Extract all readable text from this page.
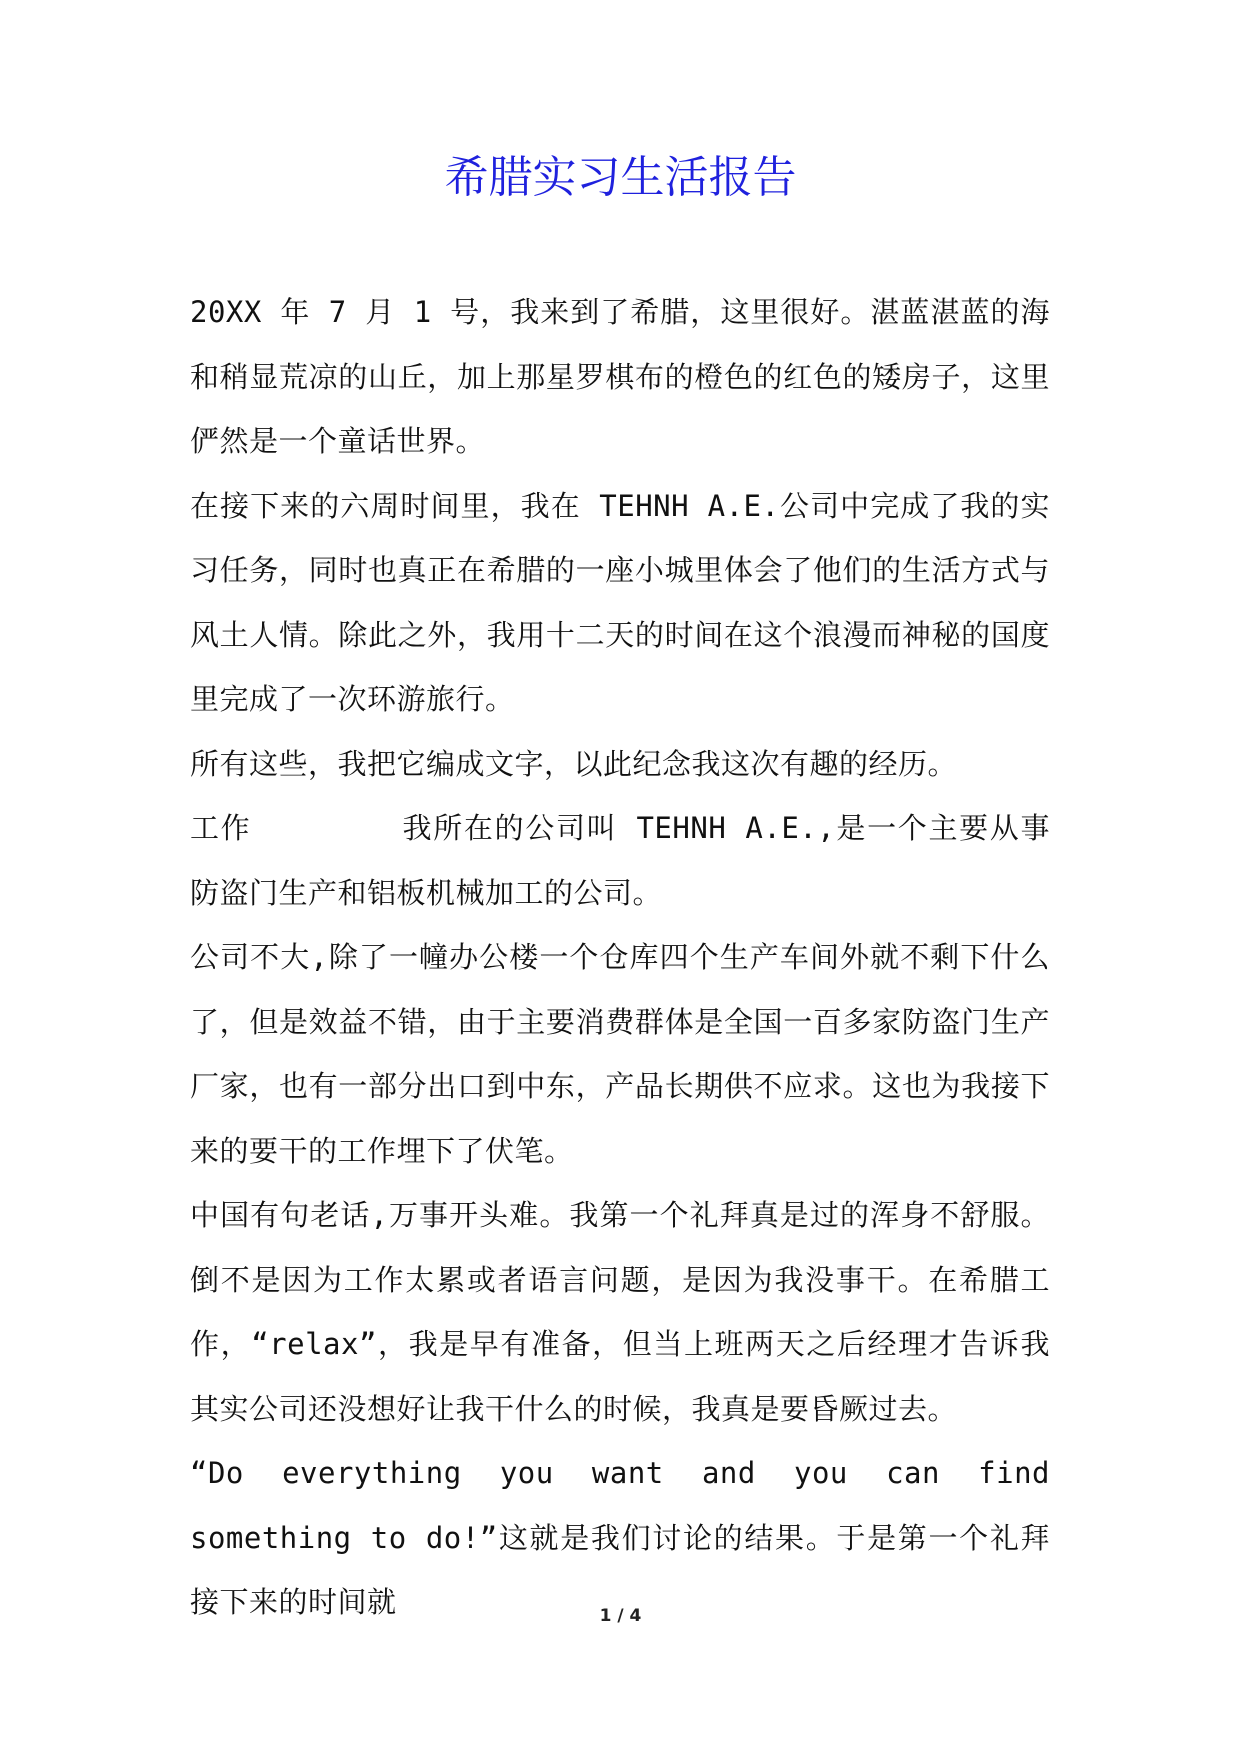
希腊实习生活报告

20XX 年 7 月 1 号，我来到了希腊，这里很好。湛蓝湛蓝的海和稍显荒凉的山丘，加上那星罗棋布的橙色的红色的矮房子，这里俨然是一个童话世界。

在接下来的六周时间里，我在 TEHNH A.E.公司中完成了我的实习任务，同时也真正在希腊的一座小城里体会了他们的生活方式与风土人情。除此之外，我用十二天的时间在这个浪漫而神秘的国度里完成了一次环游旅行。

所有这些，我把它编成文字，以此纪念我这次有趣的经历。

工作	我所在的公司叫 TEHNH A.E.,是一个主要从事防盗门生产和铝板机械加工的公司。

公司不大,除了一幢办公楼一个仓库四个生产车间外就不剩下什么了，但是效益不错，由于主要消费群体是全国一百多家防盗门生产厂家，也有一部分出口到中东，产品长期供不应求。这也为我接下来的要干的工作埋下了伏笔。

中国有句老话,万事开头难。我第一个礼拜真是过的浑身不舒服。倒不是因为工作太累或者语言问题，是因为我没事干。在希腊工作，“relax”，我是早有准备，但当上班两天之后经理才告诉我其实公司还没想好让我干什么的时候，我真是要昏厥过去。

“Do everything you want and you can find something to do!”这就是我们讨论的结果。于是第一个礼拜接下来的时间就	1 / 4
